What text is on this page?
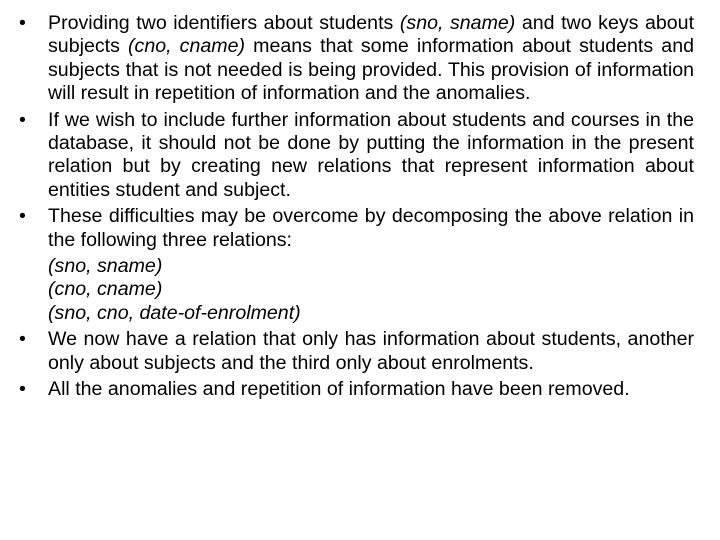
• Providing two identifiers about students (sno, sname) and two keys about subjects (cno, cname) means that some information about students and subjects that is not needed is being provided. This provision of information will result in repetition of information and the anomalies.
• If we wish to include further information about students and courses in the database, it should not be done by putting the information in the present relation but by creating new relations that represent information about entities student and subject.
• These difficulties may be overcome by decomposing the above relation in the following three relations:
(sno, sname)
(cno, cname)
(sno, cno, date-of-enrolment)
• We now have a relation that only has information about students, another only about subjects and the third only about enrolments.
• All the anomalies and repetition of information have been removed.
